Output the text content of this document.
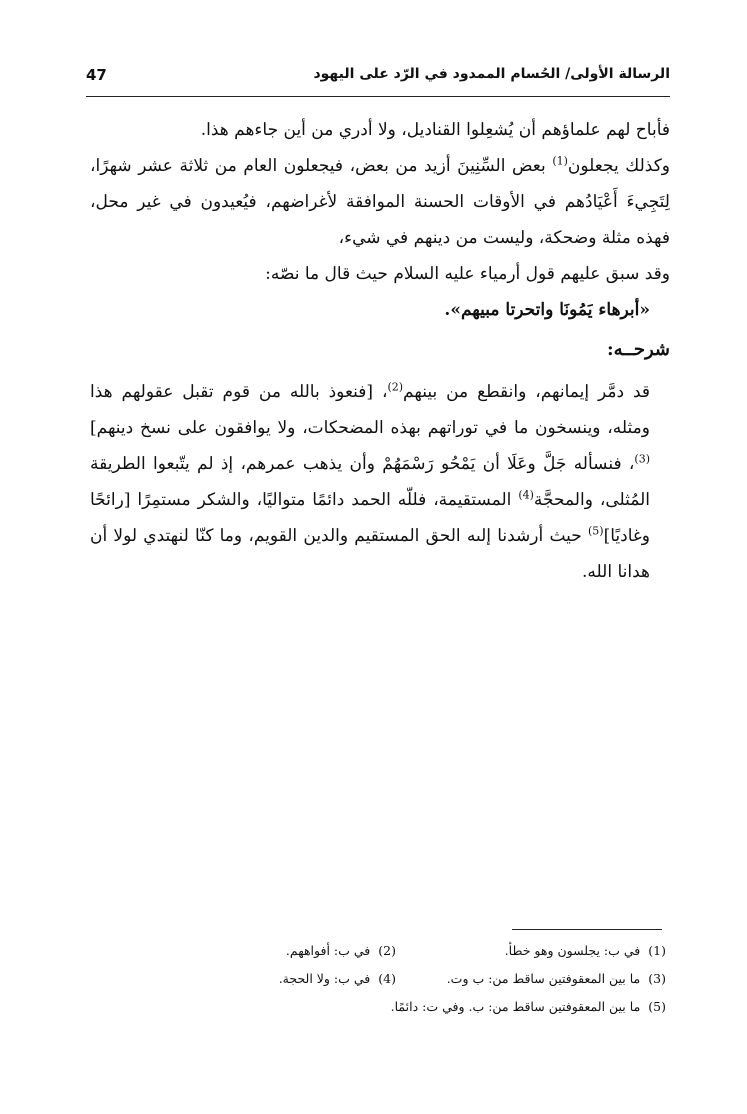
الرسالة الأولى/ الحُسام الممدود في الرّد على اليهود
47

فأباح لهم علماؤهم أن يُشعِلوا القناديل، ولا أدري من أين جاءهم هذا.

وكذلك يجعلون$^{(1)}$ بعض السِّنِينَ أزيد من بعض، فيجعلون العام من ثلاثة عشر شهرًا، لِتَجِيءَ أَعْيَادُهم في الأوقات الحسنة الموافقة لأغراضهم، فيُعيدون في غير محل، فهذه مثلة وضحكة، وليست من دينهم في شيء،

وقد سبق عليهم قول أرمياء عليه السلام حيث قال ما نصّه:

«أبرهاء يَمُونَا واتحرتا مبيهم».

شرحــه:

قد دمَّر إيمانهم، وانقطع من بينهم$^{(2)}$، [فنعوذ بالله من قوم تقبل عقولهم هذا ومثله، وينسخون ما في توراتهم بهذه المضحكات، ولا يوافقون على نسخ دينهم]$^{(3)}$، فنسأله جَلَّ وعَلَا أن يَمْحُو رَسْمَهُمْ وأن يذهب عمرهم، إذ لم يتّبعوا الطريقة المُثلى، والمحجَّة$^{(4)}$ المستقيمة، فللّه الحمد دائمًا متواليًا، والشكر مستمِرًا [رائحًا وغاديًا]$^{(5)}$ حيث أرشدنا إلىه الحق المستقيم والدين القويم، وما كنّا لنهتدي لولا أن هدانا الله.

(1)في ب: يجلسون وهو خطأ.
(2)في ب: أفواههم.
(3)ما بين المعقوفتين ساقط من: ب وت.
(4)في ب: ولا الحجة.
(5)ما بين المعقوفتين ساقط من: ب. وفي ت: دائمًا.
